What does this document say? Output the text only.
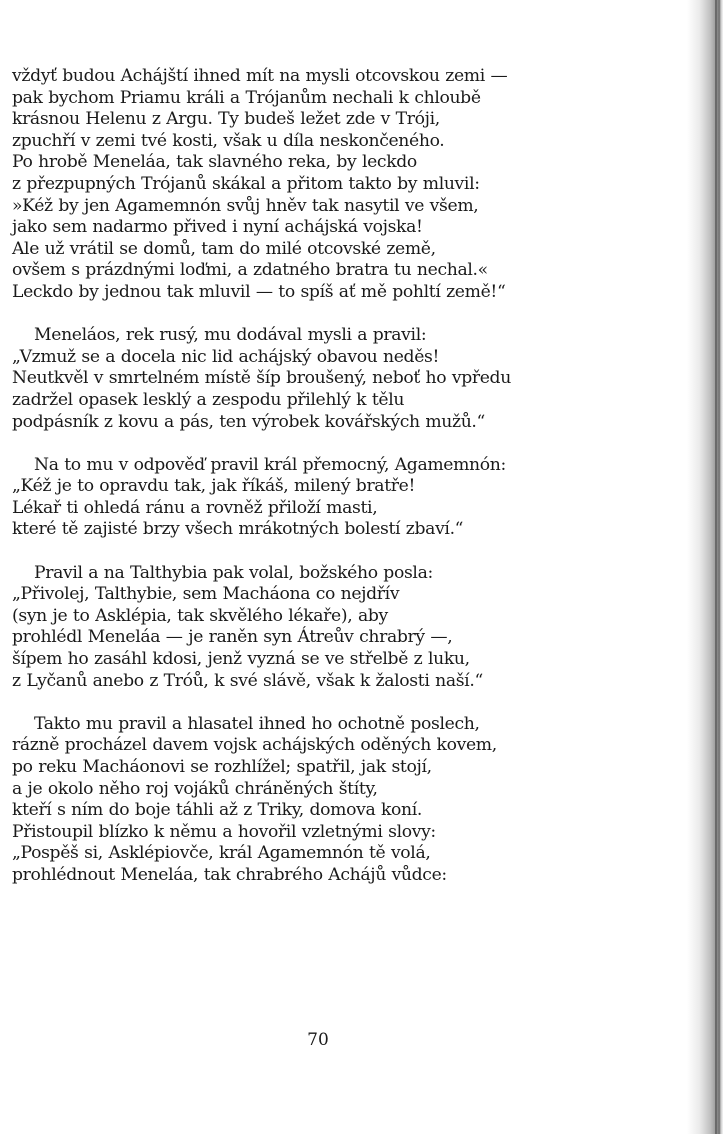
vždyť budou Achájští ihned mít na mysli otcovskou zemi —
pak bychom Priamu králi a Trójanům nechali k chloubě
krásnou Helenu z Argu. Ty budeš ležet zde v Tróji,
zpuchří v zemi tvé kosti, však u díla neskončeného.
Po hrobě Meneláa, tak slavného reka, by leckdo
z přezpupných Trójanů skákal a přitom takto by mluvil:
»Kéž by jen Agamemnón svůj hněv tak nasytil ve všem,
jako sem nadarmo přived i nyní achájská vojska!
Ale už vrátil se domů, tam do milé otcovské země,
ovšem s prázdnými loďmi, a zdatného bratra tu nechal.«
Leckdo by jednou tak mluvil — to spíš ať mě pohltí země!“
Meneláos, rek rusý, mu dodával mysli a pravil:
„Vzmuž se a docela nic lid achájský obavou neděs!
Neutkvěl v smrtelném místě šíp broušený, neboť ho vpředu
zadržel opasek lesklý a zespodu přilehlý k tělu
podpásník z kovu a pás, ten výrobek kovářských mužů.“
Na to mu v odpověď pravil král přemocný, Agamemnón:
„Kéž je to opravdu tak, jak říkáš, milený bratře!
Lékař ti ohledá ránu a rovněž přiloží masti,
které tě zajisté brzy všech mrákotných bolestí zbaví.“
Pravil a na Talthybia pak volal, božského posla:
„Přivolej, Talthybie, sem Macháona co nejdřív
(syn je to Asklépia, tak skvělého lékaře), aby
prohlédl Meneláa — je raněn syn Átreův chrabrý —,
šípem ho zasáhl kdosi, jenž vyzná se ve střelbě z luku,
z Lyčanů anebo z Tróů, k své slávě, však k žalosti naší.“
Takto mu pravil a hlasatel ihned ho ochotně poslech,
rázně procházel davem vojsk achájských oděných kovem,
po reku Macháonovi se rozhlížel; spatřil, jak stojí,
a je okolo něho roj vojáků chráněných štíty,
kteří s ním do boje táhli až z Triky, domova koní.
Přistoupil blízko k němu a hovořil vzletnými slovy:
„Pospěš si, Asklépiovče, král Agamemnón tě volá,
prohlédnout Meneláa, tak chrabrého Achájů vůdce:
70
